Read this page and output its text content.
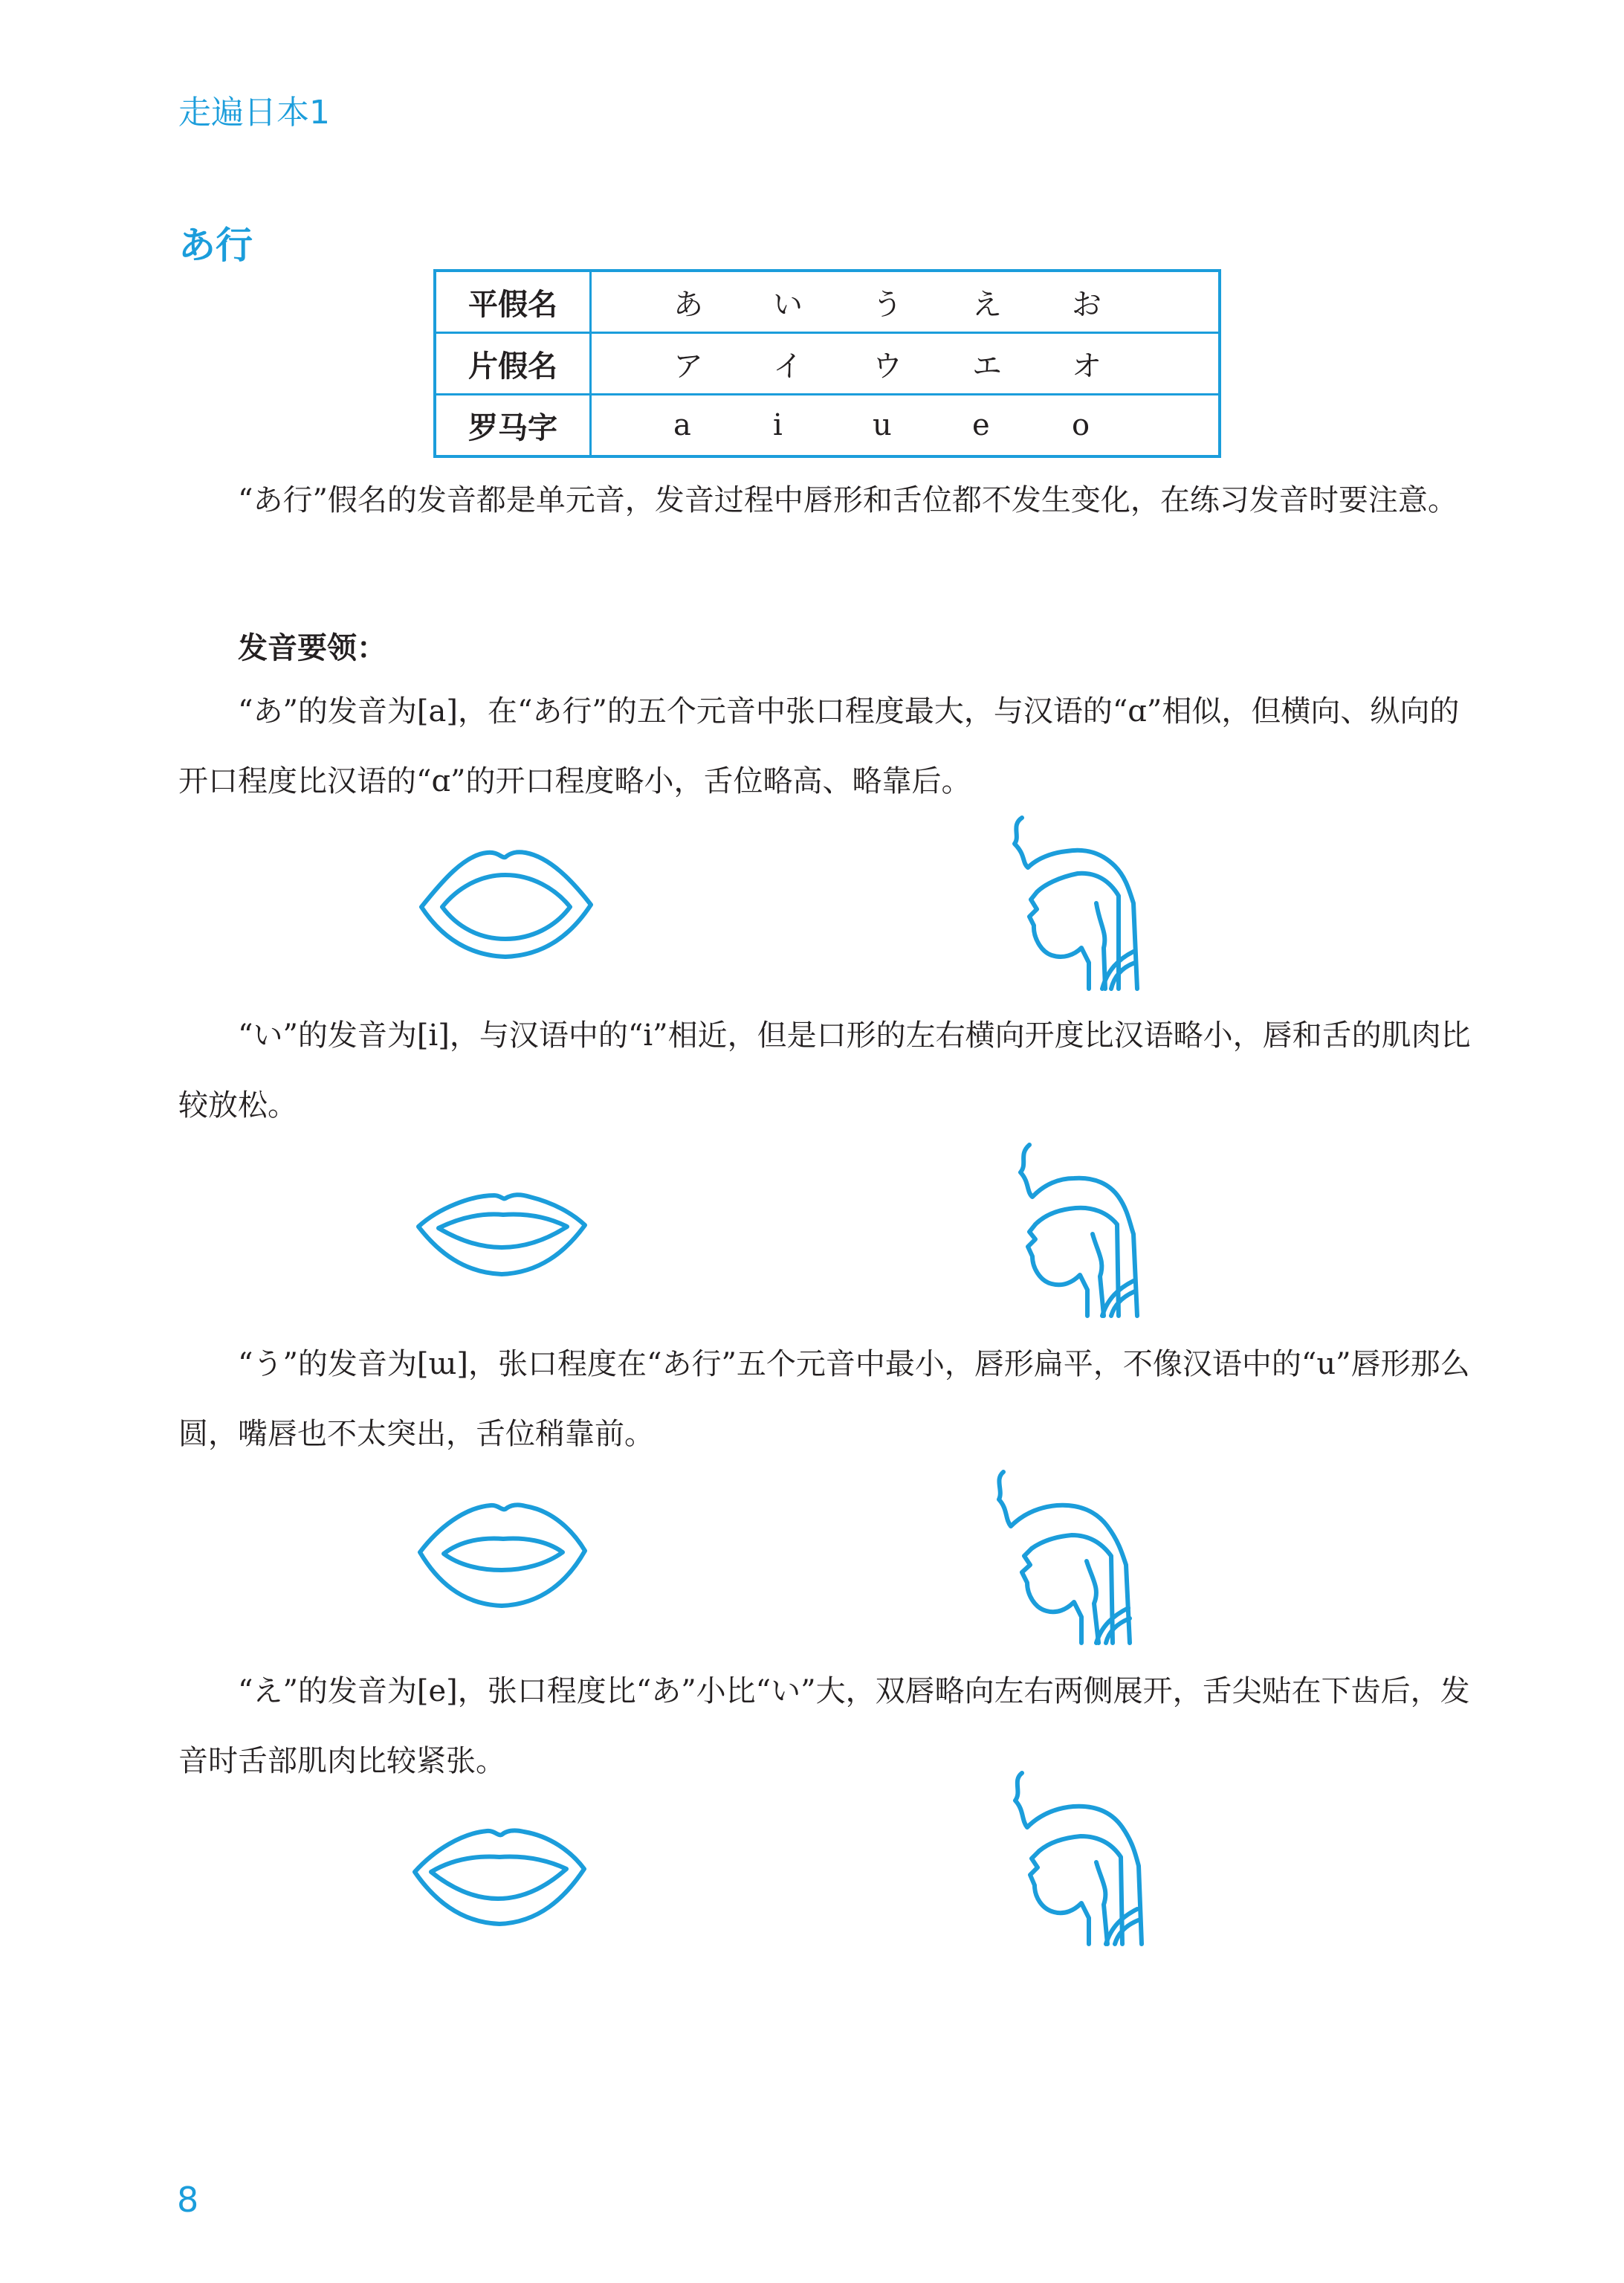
走遍日本1
あ行
平假名	あ い う え お

片假名	ア イ ウ エ オ

罗马字	a i u e o

“あ行”假名的发音都是单元音，发音过程中唇形和舌位都不发生变化，在练习发音时要注意。

发音要领：

“あ”的发音为[a]，在“あ行”的五个元音中张口程度最大，与汉语的“ɑ”相似，但横向、纵向的开口程度比汉语的“ɑ”的开口程度略小，舌位略高、略靠后。

“い”的发音为[i]，与汉语中的“i”相近，但是口形的左右横向开度比汉语略小，唇和舌的肌肉比较放松。

“う”的发音为[ɯ]，张口程度在“あ行”五个元音中最小，唇形扁平，不像汉语中的“u”唇形那么圆，嘴唇也不太突出，舌位稍靠前。

“え”的发音为[e]，张口程度比“あ”小比“い”大，双唇略向左右两侧展开，舌尖贴在下齿后，发音时舌部肌肉比较紧张。

8
